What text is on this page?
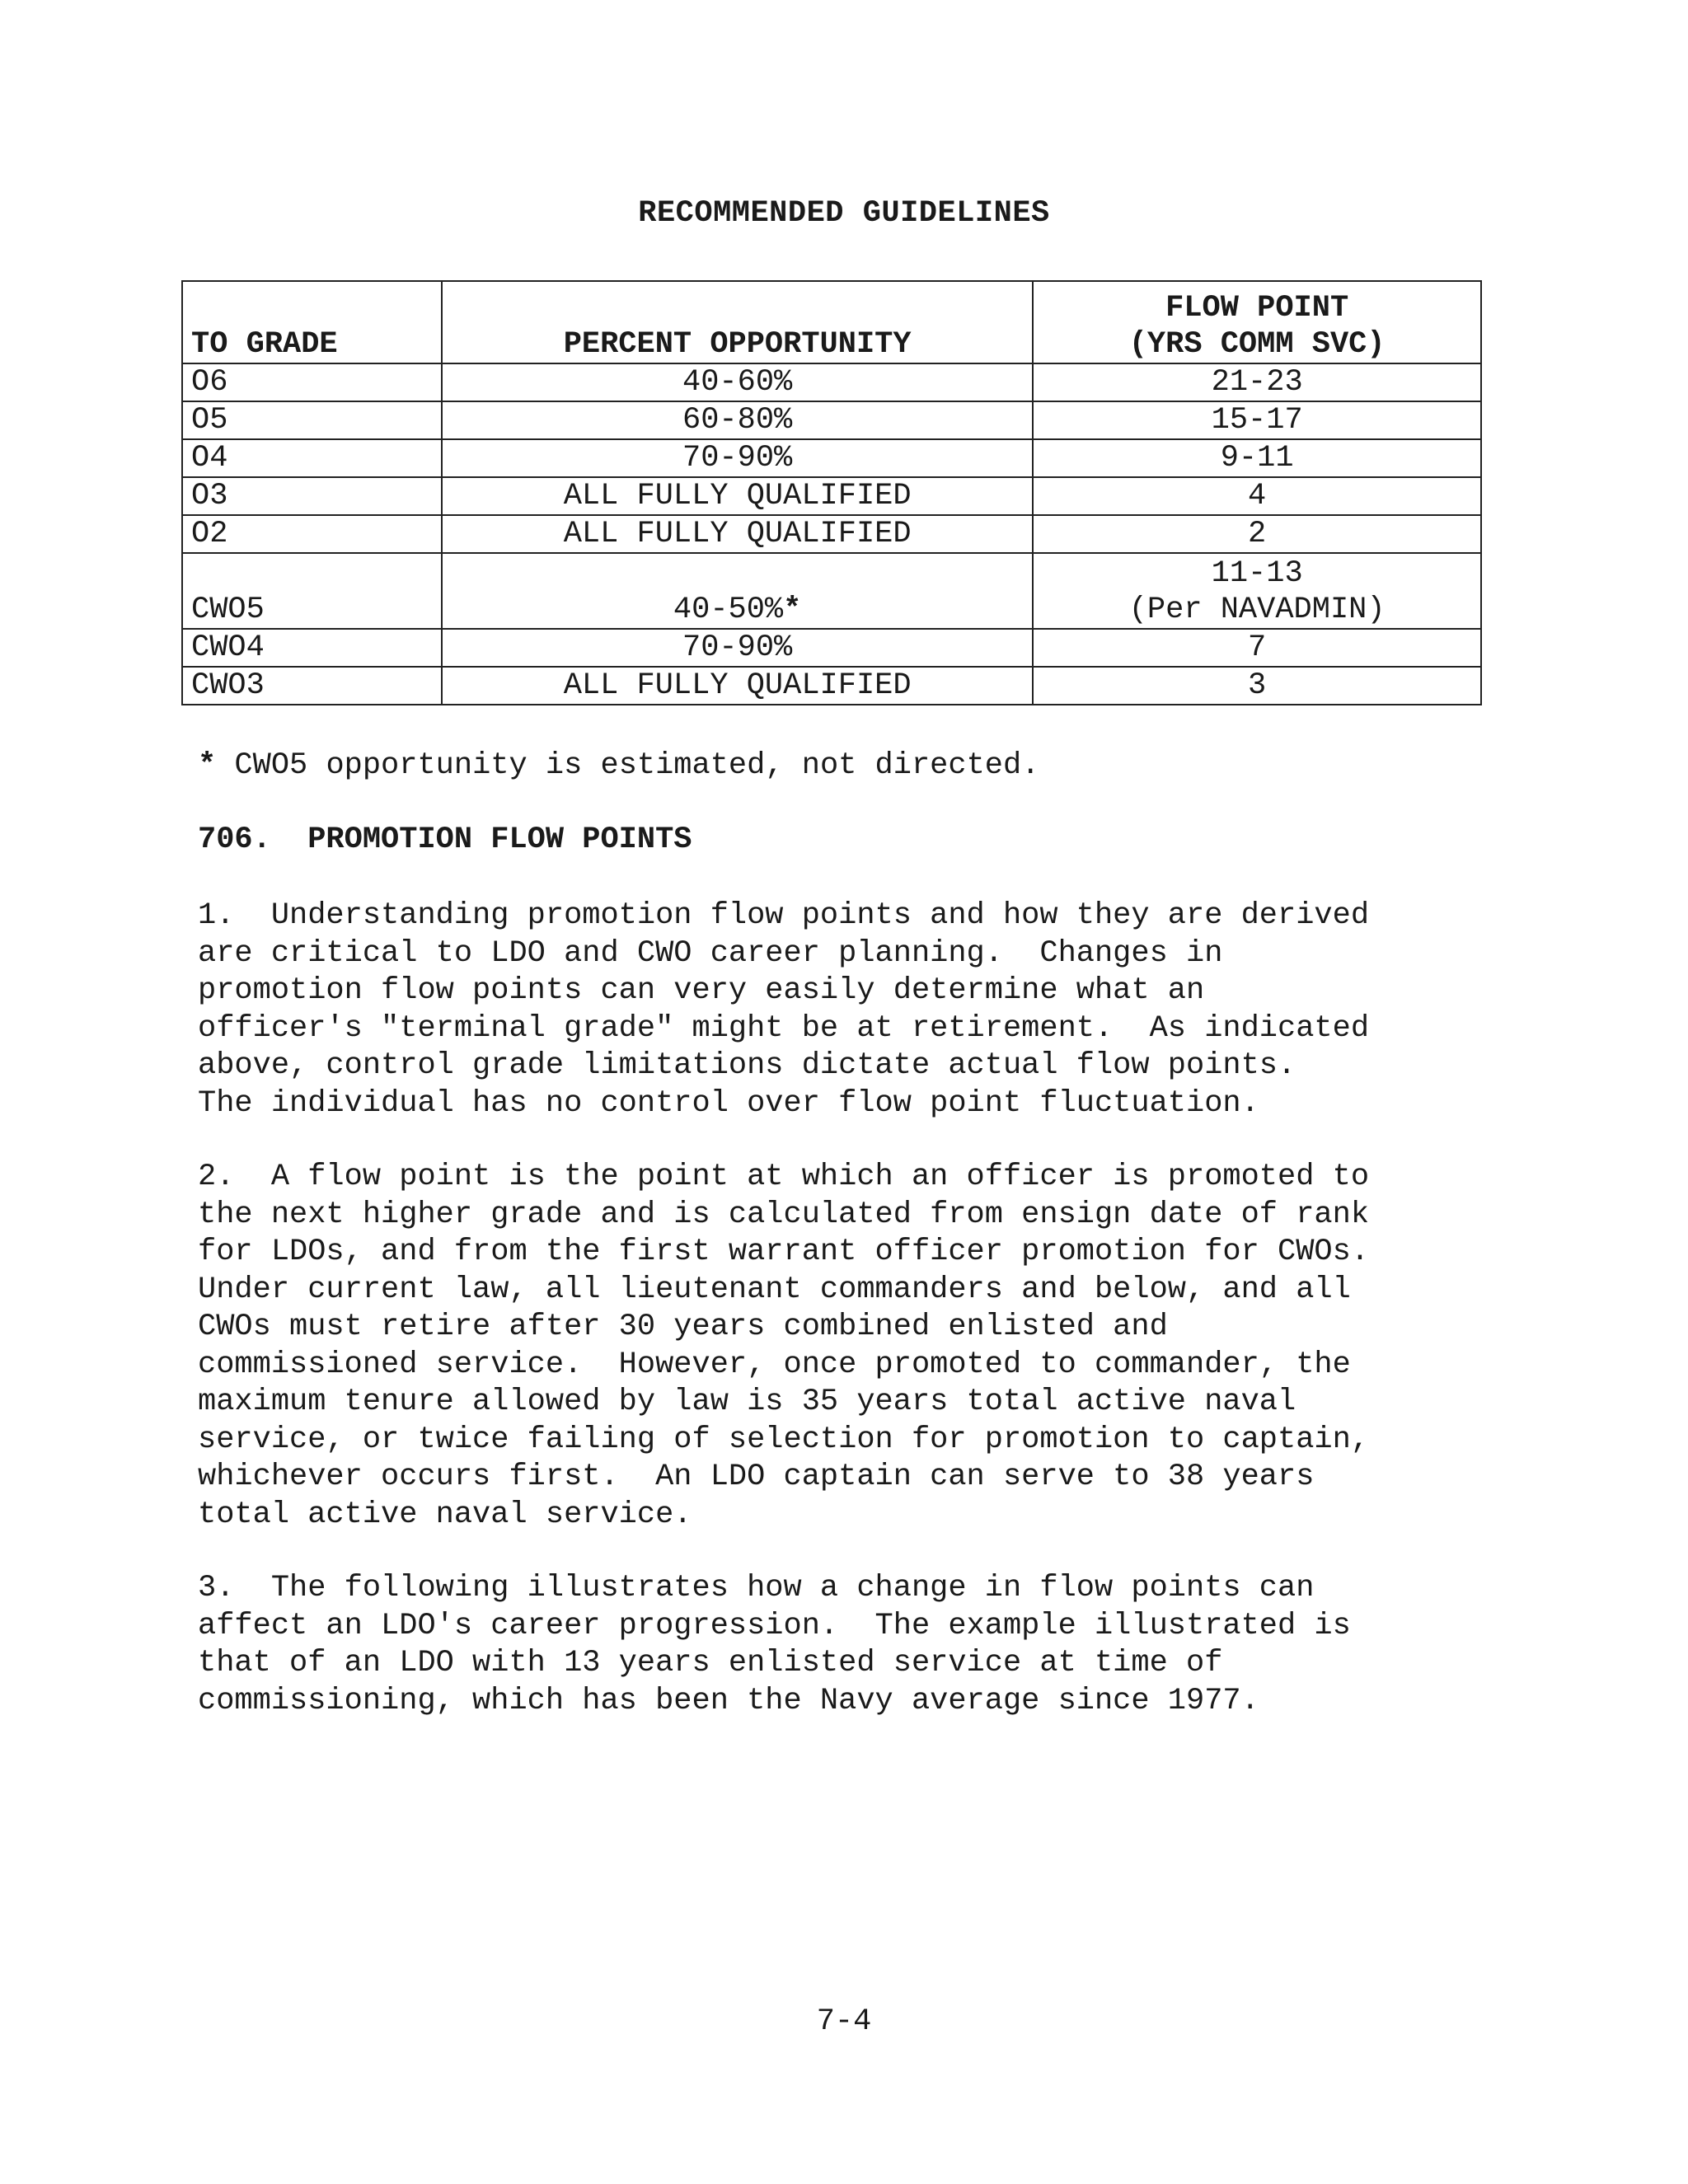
RECOMMENDED GUIDELINES
TO GRADE	PERCENT OPPORTUNITY	FLOW POINT
(YRS COMM SVC)

O6	40-60%	21-23
O5	60-80%	15-17
O4	70-90%	9-11
O3	ALL FULLY QUALIFIED	4
O2	ALL FULLY QUALIFIED	2
CWO5	40-50%*	11-13
(Per NAVADMIN)

CWO4	70-90%	7
CWO3	ALL FULLY QUALIFIED	3
* CWO5 opportunity is estimated, not directed.
706.  PROMOTION FLOW POINTS

1.  Understanding promotion flow points and how they are derived
are critical to LDO and CWO career planning.  Changes in
promotion flow points can very easily determine what an
officer's "terminal grade" might be at retirement.  As indicated
above, control grade limitations dictate actual flow points.
The individual has no control over flow point fluctuation.

2.  A flow point is the point at which an officer is promoted to
the next higher grade and is calculated from ensign date of rank
for LDOs, and from the first warrant officer promotion for CWOs.
Under current law, all lieutenant commanders and below, and all
CWOs must retire after 30 years combined enlisted and
commissioned service.  However, once promoted to commander, the
maximum tenure allowed by law is 35 years total active naval
service, or twice failing of selection for promotion to captain,
whichever occurs first.  An LDO captain can serve to 38 years
total active naval service.

3.  The following illustrates how a change in flow points can
affect an LDO's career progression.  The example illustrated is
that of an LDO with 13 years enlisted service at time of
commissioning, which has been the Navy average since 1977.

7-4
